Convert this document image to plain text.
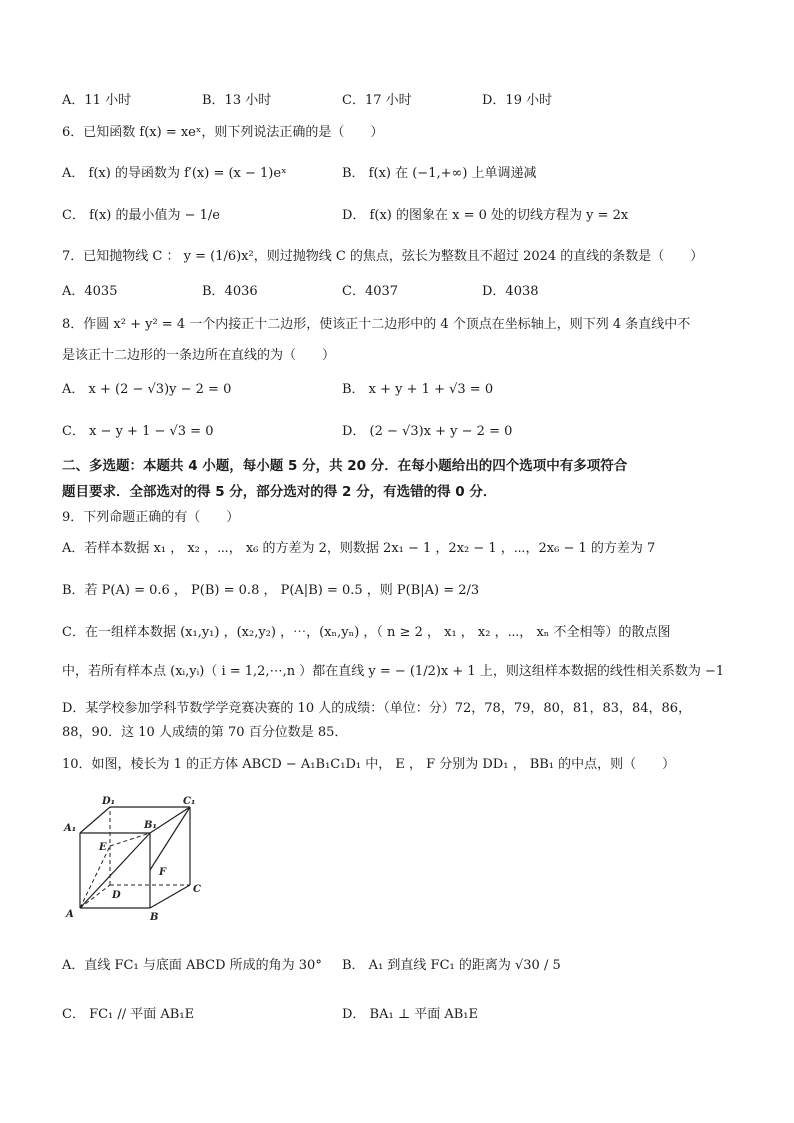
A．11 小时	B．13 小时	C．17 小时	D．19 小时
6．已知函数 f(x) = xeˣ，则下列说法正确的是（　　）
A． f(x) 的导函数为 f′(x) = (x − 1)eˣ	B． f(x) 在 (−1,+∞) 上单调递减
C． f(x) 的最小值为 − 1/e	D． f(x) 的图象在 x = 0 处的切线方程为 y = 2x
7．已知抛物线 C ： y = (1/6)x²，则过抛物线 C 的焦点，弦长为整数且不超过 2024 的直线的条数是（　　）
A．4035	B．4036	C．4037	D．4038
8．作圆 x² + y² = 4 一个内接正十二边形，使该正十二边形中的 4 个顶点在坐标轴上，则下列 4 条直线中不
是该正十二边形的一条边所在直线的为（　　）
A． x + (2 − √3)y − 2 = 0	B． x + y + 1 + √3 = 0
C． x − y + 1 − √3 = 0	D． (2 − √3)x + y − 2 = 0
二、多选题：本题共 4 小题，每小题 5 分，共 20 分．在每小题给出的四个选项中有多项符合
题目要求．全部选对的得 5 分，部分选对的得 2 分，有选错的得 0 分．
9．下列命题正确的有（　　）
A．若样本数据 x₁ ， x₂ ，⋯， x₆ 的方差为 2，则数据 2x₁ − 1 ，2x₂ − 1 ，⋯，2x₆ − 1 的方差为 7
B．若 P(A) = 0.6 ， P(B) = 0.8 ， P(A|B) = 0.5 ，则 P(B|A) = 2/3
C．在一组样本数据 (x₁,y₁) ，(x₂,y₂) ，⋯，(xₙ,yₙ) ，（ n ≥ 2 ， x₁ ， x₂ ，⋯， xₙ 不全相等）的散点图
中，若所有样本点 (xᵢ,yᵢ)（ i = 1,2,⋯,n ）都在直线 y = − (1/2)x + 1 上，则这组样本数据的线性相关系数为 −1
D．某学校参加学科节数学学竞赛决赛的 10 人的成绩：（单位：分）72，78，79，80，81，83，84，86，
88，90．这 10 人成绩的第 70 百分位数是 85．
10．如图，棱长为 1 的正方体 ABCD − A₁B₁C₁D₁ 中， E ， F 分别为 DD₁ ， BB₁ 的中点，则（　　）
D₁	C₁
A₁	B₁
E
F
D
C
A	B
A．直线 FC₁ 与底面 ABCD 所成的角为 30° B． A₁ 到直线 FC₁ 的距离为 √30 / 5
C． FC₁ // 平面 AB₁E	D． BA₁ ⊥ 平面 AB₁E
